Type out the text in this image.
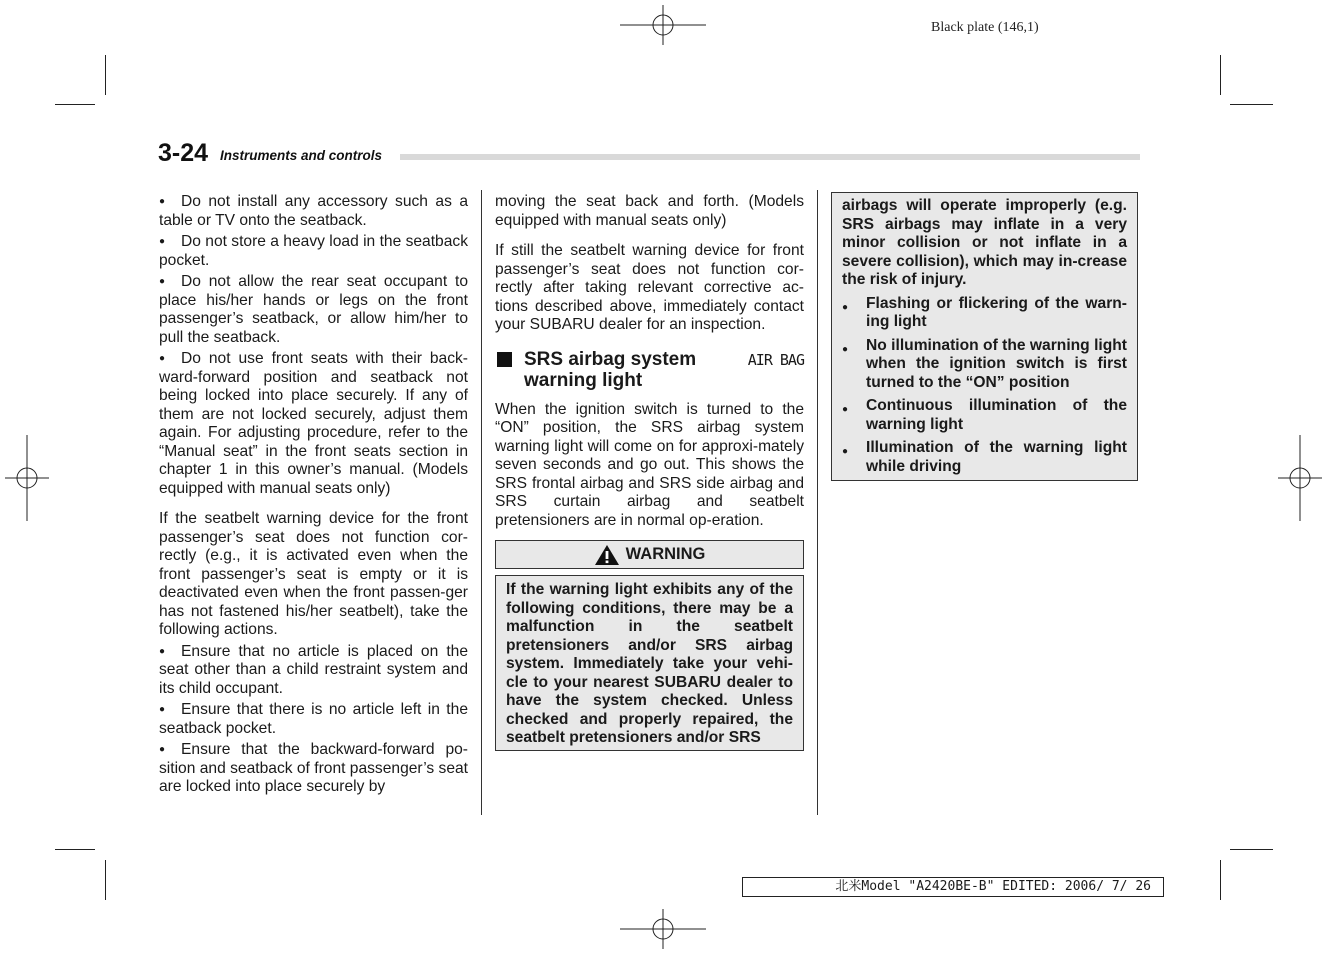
Black plate (146,1)
3-24 Instruments and controls

● Do not install any accessory such as a table or TV onto the seatback.

● Do not store a heavy load in the seatback pocket.

● Do not allow the rear seat occupant to place his/her hands or legs on the front passenger’s seatback, or allow him/her to pull the seatback.

● Do not use front seats with their back-ward-forward position and seatback not being locked into place securely. If any of them are not locked securely, adjust them again. For adjusting procedure, refer to the “Manual seat” in the front seats section in chapter 1 in this owner’s manual. (Models equipped with manual seats only)

If the seatbelt warning device for the front passenger’s seat does not function cor-rectly (e.g., it is activated even when the front passenger’s seat is empty or it is deactivated even when the front passen-ger has not fastened his/her seatbelt), take the following actions.

● Ensure that no article is placed on the seat other than a child restraint system and its child occupant.

● Ensure that there is no article left in the seatback pocket.

● Ensure that the backward-forward po-sition and seatback of front passenger’s seat are locked into place securely by

moving the seat back and forth. (Models equipped with manual seats only)

If still the seatbelt warning device for front passenger’s seat does not function cor-rectly after taking relevant corrective ac-tions described above, immediately contact your SUBARU dealer for an inspection.

SRS airbag system warning light
AIR BAG

When the ignition switch is turned to the “ON” position, the SRS airbag system warning light will come on for approxi-mately seven seconds and go out. This shows the SRS frontal airbag and SRS side airbag and SRS curtain airbag and seatbelt pretensioners are in normal op-eration.

WARNING
If the warning light exhibits any of the following conditions, there may be a malfunction in the seatbelt pretensioners and/or SRS airbag system. Immediately take your vehi-cle to your nearest SUBARU dealer to have the system checked. Unless checked and properly repaired, the seatbelt pretensioners and/or SRS

airbags will operate improperly (e.g. SRS airbags may inflate in a very minor collision or not inflate in a severe collision), which may in-crease the risk of injury.

●	Flashing or flickering of the warn-ing light
●	No illumination of the warning light when the ignition switch is first turned to the “ON” position
●	Continuous illumination of the warning light
●	Illumination of the warning light while driving
北米Model "A2420BE-B" EDITED: 2006/ 7/ 26
